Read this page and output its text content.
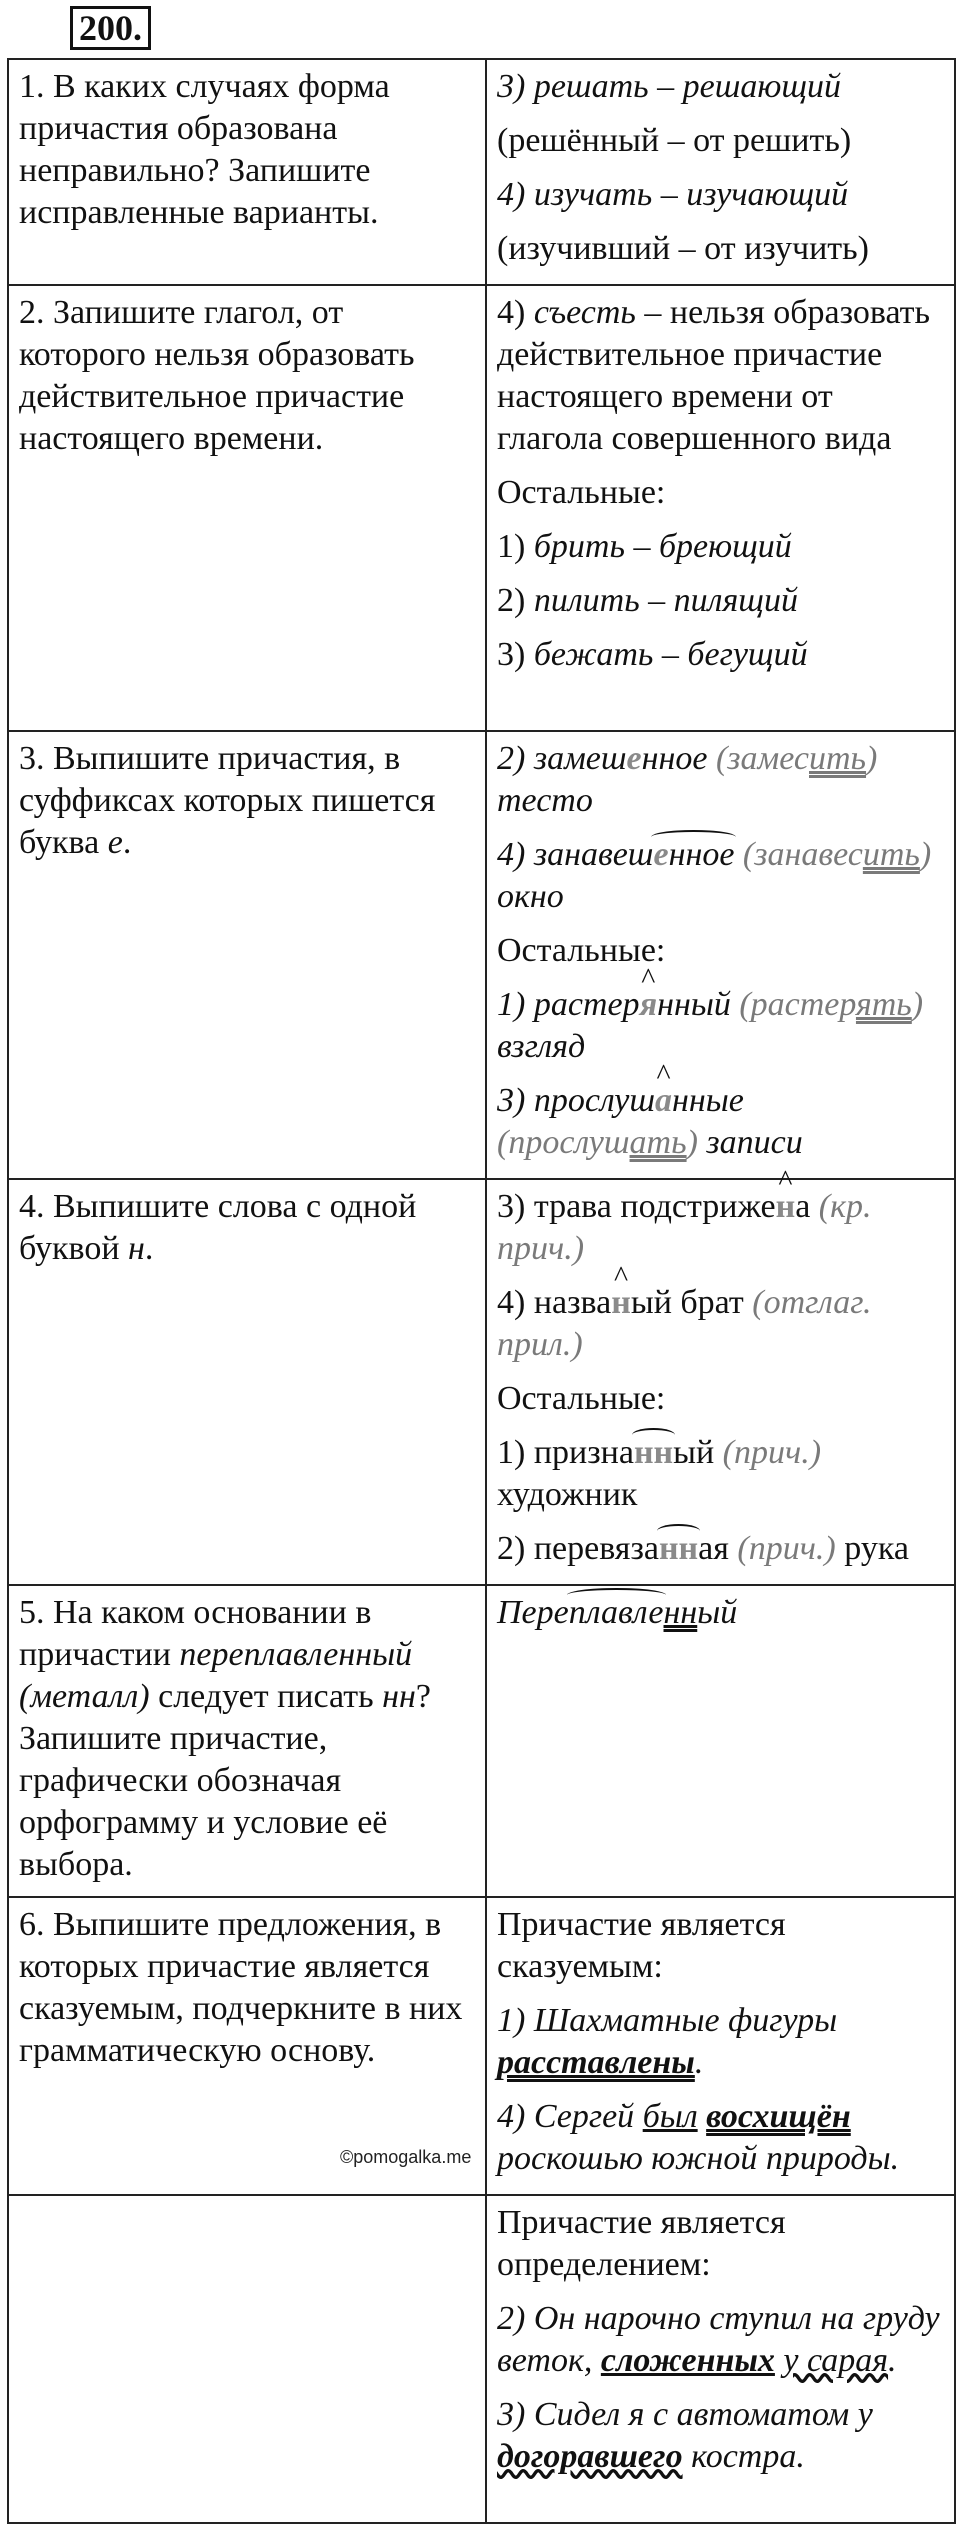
200.
1. В каких случаях форма причастия образована неправильно? Запишите исправленные варианты.	3) решать – решающий

(решённый – от решить)

4) изучать – изучающий

(изучивший – от изучить)

2. Запишите глагол, от которого нельзя образовать действительное причастие настоящего времени.	4) съесть – нельзя образовать действительное причастие настоящего времени от глагола совершенного вида

Остальные:

1) брить – бреющий

2) пилить – пилящий

3) бежать – бегущий

3. Выпишите причастия, в суффиксах которых пишется буква е.	2) замешенное (замесить) тесто

4) занавешенное (занавесить) окно

Остальные:

1) растер^ янный (растерять) взгляд

3) прослуш^ анные (прослушать) записи

4. Выпишите слова с одной буквой н.	3) трава подстриже^ на (кр. прич.)

4) назва^ ный брат (отглаг. прил.)

Остальные:

1) признанный (прич.) художник

2) перевязанная (прич.) рука

5. На каком основании в причастии переплавленный (металл) следует писать нн? Запишите причастие, графически обозначая орфограмму и условие её выбора.	Переплавленный

6. Выпишите предложения, в которых причастие является сказуемым, подчеркните в них грамматическую основу.	Причастие является сказуемым:

1) Шахматные фигуры расставлены.

4) Сергей был восхищён роскошью южной природы.

	Причастие является определением:

2) Он нарочно ступил на груду веток, сложенных у сарая.

3) Сидел я с автоматом у догоравшего костра.

©pomogalka.me
